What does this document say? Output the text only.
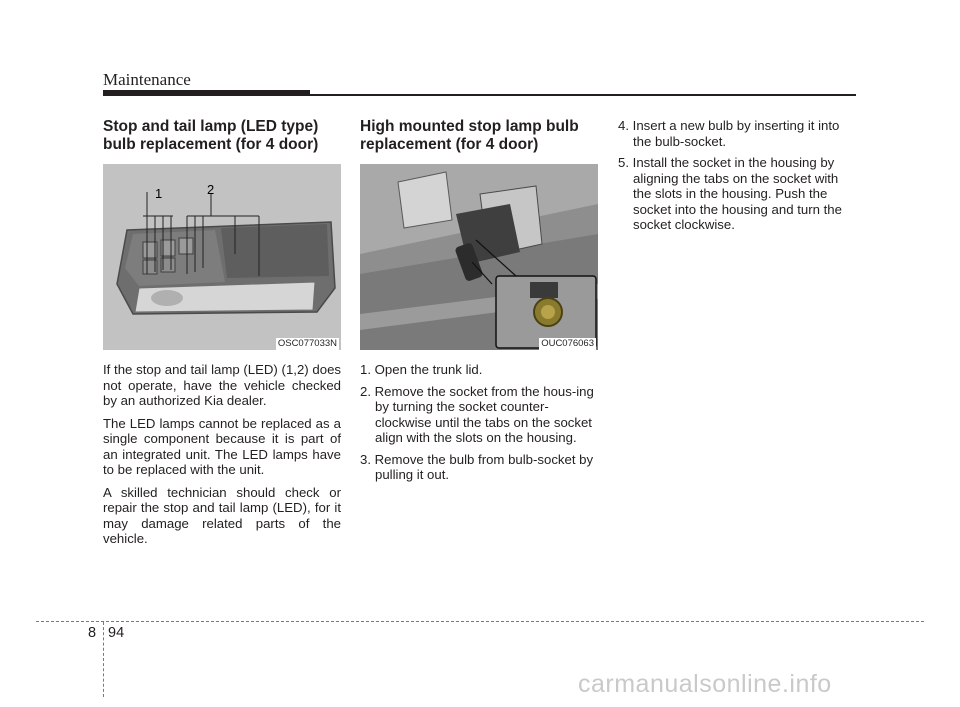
Maintenance
Stop and tail lamp (LED type) bulb replacement (for 4 door)
1	2
OSC077033N

If the stop and tail lamp (LED) (1,2) does not operate, have the vehicle checked by an authorized Kia dealer.

The LED lamps cannot be replaced as a single component because it is part of an integrated unit. The LED lamps have to be replaced with the unit.

A skilled technician should check or repair the stop and tail lamp (LED), for it may damage related parts of the vehicle.

High mounted stop lamp bulb replacement (for 4 door)
OUC076063
1. Open the trunk lid.
2. Remove the socket from the hous-ing by turning the socket counter-clockwise until the tabs on the socket align with the slots on the housing.
3. Remove the bulb from bulb-socket by pulling it out.
4. Insert a new bulb by inserting it into the bulb-socket.
5. Install the socket in the housing by aligning the tabs on the socket with the slots in the housing. Push the socket into the housing and turn the socket clockwise.
8 94
carmanualsonline.info
